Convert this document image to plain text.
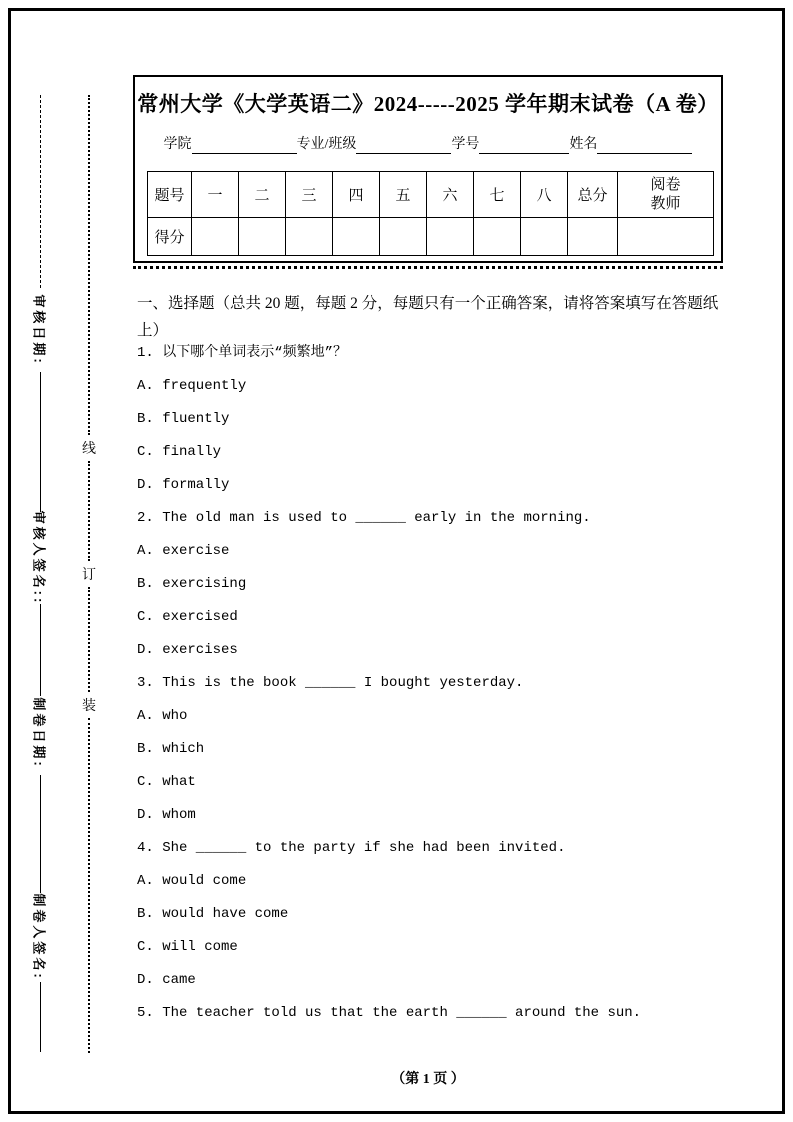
审核日期:
审核人签名::
制卷日期:
制卷人签名:
线
订
装
常州大学《大学英语二》2024-----2025 学年期末试卷（A 卷）
学院	专业/班级	学号	姓名
题号	一	二	三	四	五	六	七	八	总分	阅卷教师
得分										
一、选择题（总共 20 题，每题 2 分，每题只有一个正确答案，请将答案填写在答题纸上）
1. 以下哪个单词表示“频繁地”？
A. frequently
B. fluently
C. finally
D. formally
2. The old man is used to ______ early in the morning.
A. exercise
B. exercising
C. exercised
D. exercises
3. This is the book ______ I bought yesterday.
A. who
B. which
C. what
D. whom
4. She ______ to the party if she had been invited.
A. would come
B. would have come
C. will come
D. came
5. The teacher told us that the earth ______ around the sun.
（第 1 页 ）
